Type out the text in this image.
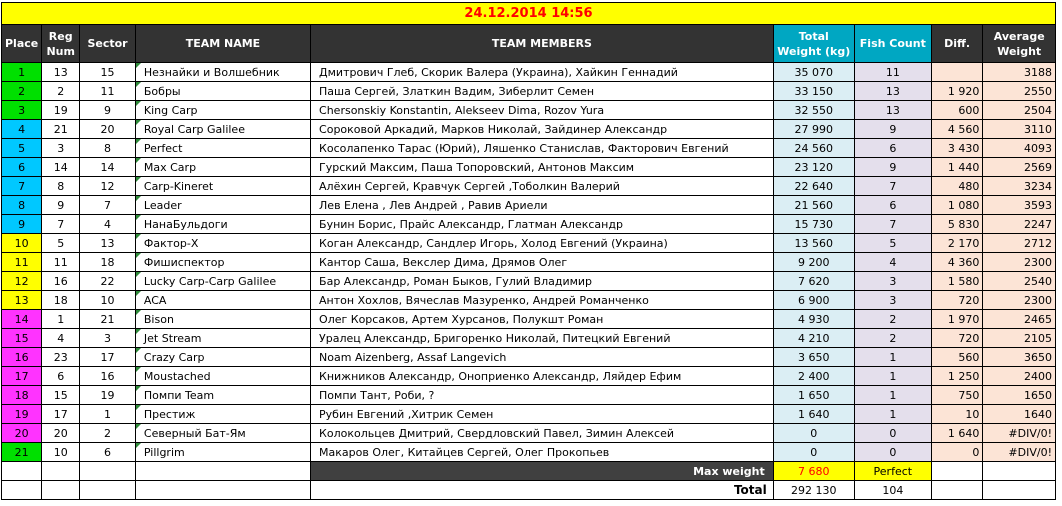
24.12.2014 14:56
Place	Reg Num	Sector	TEAM NAME	TEAM MEMBERS	Total Weight (kg)	Fish Count	Diff.	Average Weight
1	13	15	Незнайки и Волшебник	Дмитрович Глеб, Скорик Валера (Украина), Хайкин Геннадий	35 070	11		3188
2	2	11	Бобры	Паша Сергей, Златкин Вадим, Зиберлит Семен	33 150	13	1 920	2550
3	19	9	King Carp	Chersonskiy Konstantin, Alekseev Dima, Rozov Yura	32 550	13	600	2504
4	21	20	Royal Carp Galilee	Сороковой Аркадий, Марков Николай, Зайдинер Александр	27 990	9	4 560	3110
5	3	8	Perfect	Косолапенко Тарас (Юрий), Ляшенко Станислав, Факторович Евгений	24 560	6	3 430	4093
6	14	14	Max Carp	Гурский Максим, Паша Топоровский, Антонов Максим	23 120	9	1 440	2569
7	8	12	Carp-Kineret	Алёхин Сергей, Кравчук Сергей ,Тоболкин Валерий	22 640	7	480	3234
8	9	7	Leader	Лев Елена , Лев Андрей , Равив Ариели	21 560	6	1 080	3593
9	7	4	НанаБульдоги	Бунин Борис, Прайс Александр, Глатман Александр	15 730	7	5 830	2247
10	5	13	Фактор-Х	Коган Александр, Сандлер Игорь, Холод Евгений (Украина)	13 560	5	2 170	2712
11	11	18	Фишиспектор	Кантор Саша, Векслер Дима, Дрямов Олег	9 200	4	4 360	2300
12	16	22	Lucky Carp-Carp Galilee	Бар Александр, Роман Быков, Гулий Владимир	7 620	3	1 580	2540
13	18	10	ACA	Антон Хохлов, Вячеслав Мазуренко, Андрей Романченко	6 900	3	720	2300
14	1	21	Bison	Олег Корсаков, Артем Хурсанов, Полукшт Роман	4 930	2	1 970	2465
15	4	3	Jet Stream	Уралец Александр, Бригоренко Николай, Питецкий Евгений	4 210	2	720	2105
16	23	17	Crazy Carp	Noam Aizenberg, Assaf Langevich	3 650	1	560	3650
17	6	16	Moustached	Книжников Александр, Оноприенко Александр, Ляйдер Ефим	2 400	1	1 250	2400
18	15	19	Помпи Team	Помпи Тант, Роби, ?	1 650	1	750	1650
19	17	1	Престиж	Рубин Евгений ,Хитрик Семен	1 640	1	10	1640
20	20	2	Северный Бат-Ям	Колокольцев Дмитрий, Свердловский Павел, Зимин Алексей	0	0	1 640	#DIV/0!
21	10	6	Pillgrim	Макаров Олег, Китайцев Сергей, Олег Прокопьев	0	0	0	#DIV/0!
				Max weight	7 680	Perfect		
				Total	292 130	104		
